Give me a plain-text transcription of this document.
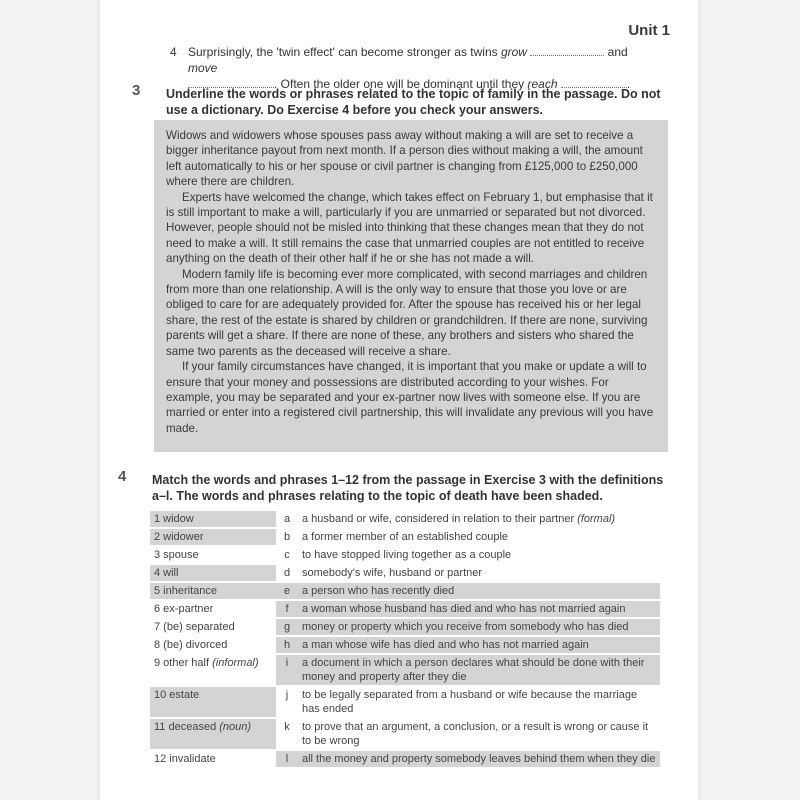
Unit 1
4 Surprisingly, the 'twin effect' can become stronger as twins grow	and move
. Often the older one will be dominant until they reach	.
3 Underline the words or phrases related to the topic of family in the passage. Do not use a dictionary. Do Exercise 4 before you check your answers.

Widows and widowers whose spouses pass away without making a will are set to receive a bigger inheritance payout from next month. If a person dies without making a will, the amount left automatically to his or her spouse or civil partner is changing from £125,000 to £250,000 where there are children.

Experts have welcomed the change, which takes effect on February 1, but emphasise that it is still important to make a will, particularly if you are unmarried or separated but not divorced. However, people should not be misled into thinking that these changes mean that they do not need to make a will. It still remains the case that unmarried couples are not entitled to receive anything on the death of their other half if he or she has not made a will.

Modern family life is becoming ever more complicated, with second marriages and children from more than one relationship. A will is the only way to ensure that those you love or are obliged to care for are adequately provided for. After the spouse has received his or her legal share, the rest of the estate is shared by children or grandchildren. If there are none, surviving parents will get a share. If there are none of these, any brothers and sisters who shared the same two parents as the deceased will receive a share.

If your family circumstances have changed, it is important that you make or update a will to ensure that your money and possessions are distributed according to your wishes. For example, you may be separated and your ex-partner now lives with someone else. If you are married or enter into a registered civil partnership, this will invalidate any previous will you have made.

4 Match the words and phrases 1–12 from the passage in Exercise 3 with the definitions a–l. The words and phrases relating to the topic of death have been shaded.
1 widow	a	a husband or wife, considered in relation to their partner (formal)
2 widower	b	a former member of an established couple
3 spouse	c	to have stopped living together as a couple
4 will	d	somebody's wife, husband or partner
5 inheritance	e	a person who has recently died
6 ex-partner	f	a woman whose husband has died and who has not married again
7 (be) separated	g	money or property which you receive from somebody who has died
8 (be) divorced	h	a man whose wife has died and who has not married again
9 other half (informal)	i	a document in which a person declares what should be done with their money and property after they die
10 estate	j	to be legally separated from a husband or wife because the marriage has ended
11 deceased (noun)	k	to prove that an argument, a conclusion, or a result is wrong or cause it to be wrong
12 invalidate	l	all the money and property somebody leaves behind them when they die
